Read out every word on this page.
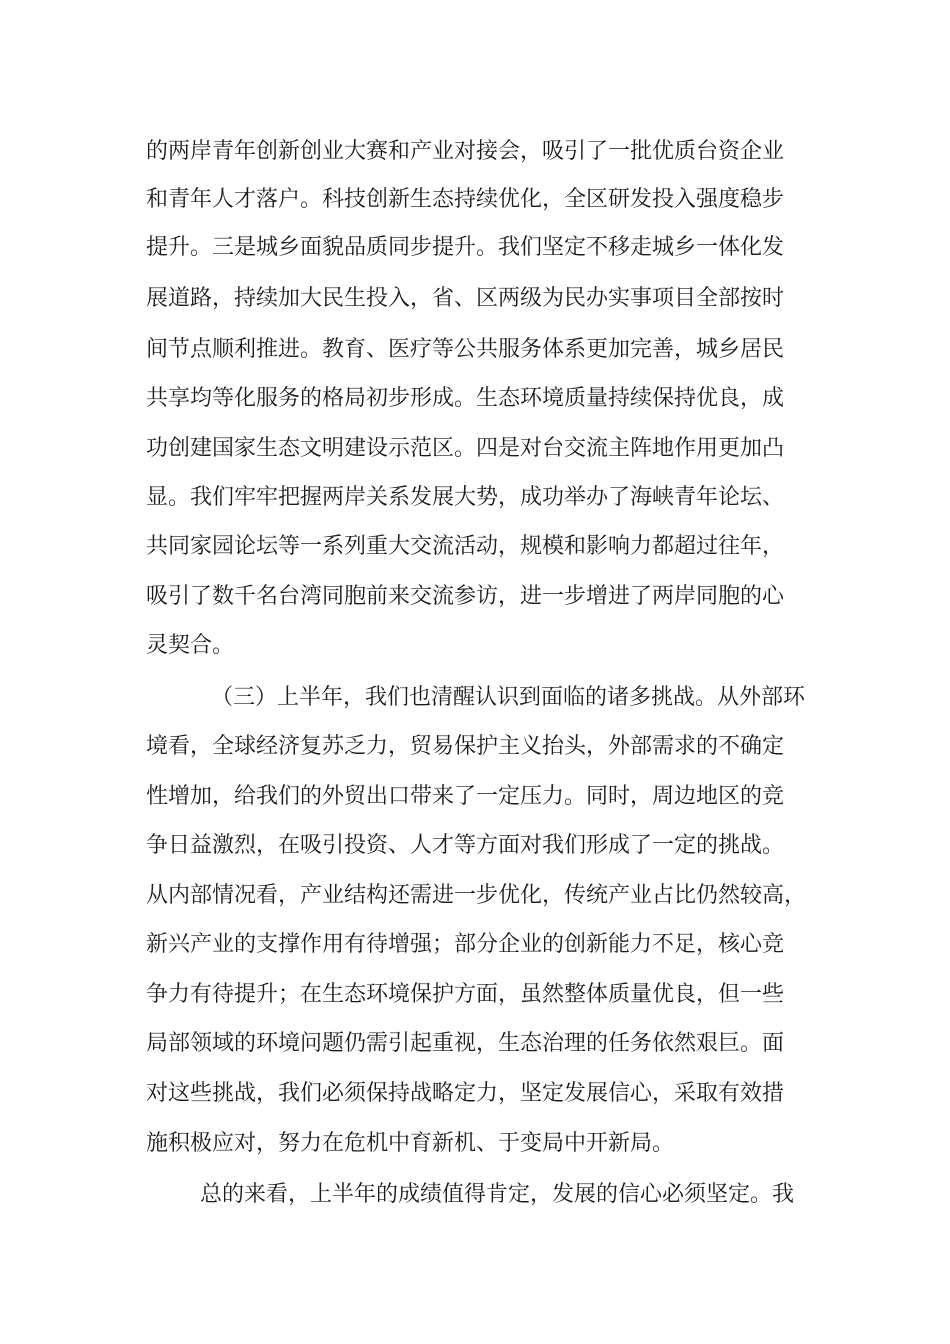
的两岸青年创新创业大赛和产业对接会，吸引了一批优质台资企业
和青年人才落户。科技创新生态持续优化，全区研发投入强度稳步
提升。三是城乡面貌品质同步提升。我们坚定不移走城乡一体化发
展道路，持续加大民生投入，省、区两级为民办实事项目全部按时
间节点顺利推进。教育、医疗等公共服务体系更加完善，城乡居民
共享均等化服务的格局初步形成。生态环境质量持续保持优良，成
功创建国家生态文明建设示范区。四是对台交流主阵地作用更加凸
显。我们牢牢把握两岸关系发展大势，成功举办了海峡青年论坛、
共同家园论坛等一系列重大交流活动，规模和影响力都超过往年，
吸引了数千名台湾同胞前来交流参访，进一步增进了两岸同胞的心
灵契合。
（三）上半年，我们也清醒认识到面临的诸多挑战。从外部环
境看，全球经济复苏乏力，贸易保护主义抬头，外部需求的不确定
性增加，给我们的外贸出口带来了一定压力。同时，周边地区的竞
争日益激烈，在吸引投资、人才等方面对我们形成了一定的挑战。
从内部情况看，产业结构还需进一步优化，传统产业占比仍然较高，
新兴产业的支撑作用有待增强；部分企业的创新能力不足，核心竞
争力有待提升；在生态环境保护方面，虽然整体质量优良，但一些
局部领域的环境问题仍需引起重视，生态治理的任务依然艰巨。面
对这些挑战，我们必须保持战略定力，坚定发展信心，采取有效措
施积极应对，努力在危机中育新机、于变局中开新局。
总的来看，上半年的成绩值得肯定，发展的信心必须坚定。我
